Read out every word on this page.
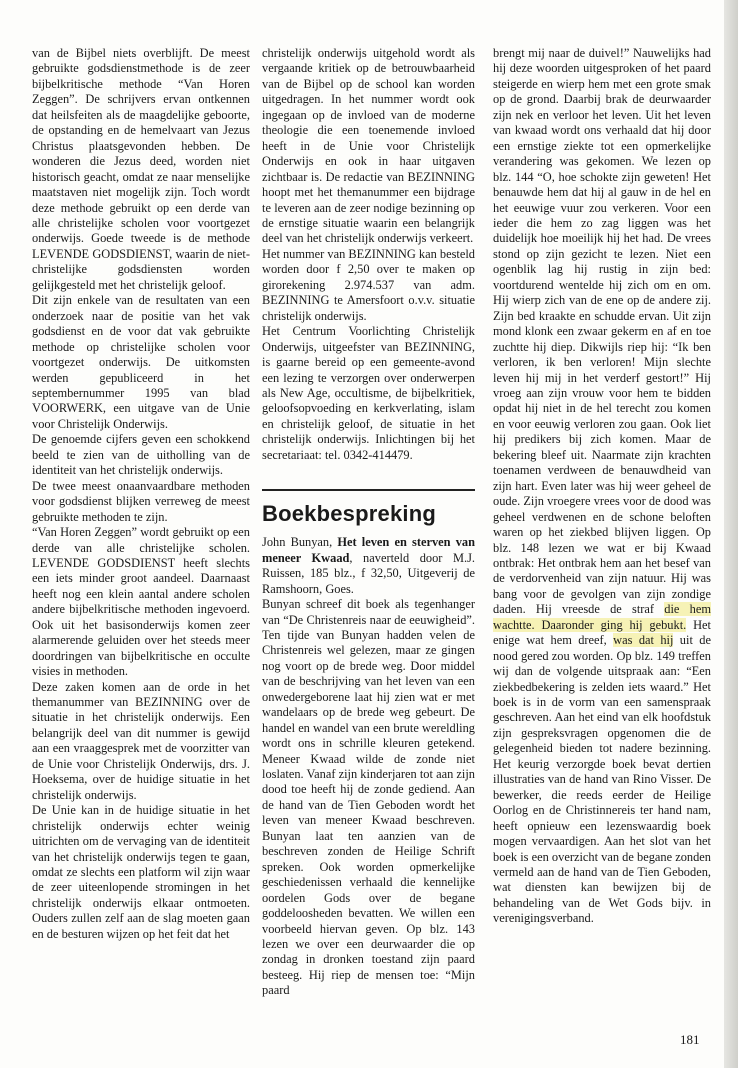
van de Bijbel niets overblijft. De meest gebruikte godsdienstmethode is de zeer bijbelkritische methode “Van Horen Zeggen”. De schrijvers ervan ontkennen dat heilsfeiten als de maagdelijke geboorte, de opstanding en de hemelvaart van Jezus Christus plaatsgevonden hebben. De wonderen die Jezus deed, worden niet historisch geacht, omdat ze naar menselijke maatstaven niet mogelijk zijn. Toch wordt deze methode gebruikt op een derde van alle christelijke scholen voor voortgezet onderwijs. Goede tweede is de methode LEVENDE GODSDIENST, waarin de niet-christelijke godsdiensten worden gelijkgesteld met het christelijk geloof.

Dit zijn enkele van de resultaten van een onderzoek naar de positie van het vak godsdienst en de voor dat vak gebruikte methode op christelijke scholen voor voortgezet onderwijs. De uitkomsten werden gepubliceerd in het septembernummer 1995 van blad VOORWERK, een uitgave van de Unie voor Christelijk Onderwijs.

De genoemde cijfers geven een schokkend beeld te zien van de uitholling van de identiteit van het christelijk onderwijs.

De twee meest onaanvaardbare methoden voor godsdienst blijken verreweg de meest gebruikte methoden te zijn.

“Van Horen Zeggen” wordt gebruikt op een derde van alle christelijke scholen. LEVENDE GODSDIENST heeft slechts een iets minder groot aandeel. Daarnaast heeft nog een klein aantal andere scholen andere bijbelkritische methoden ingevoerd. Ook uit het basisonderwijs komen zeer alarmerende geluiden over het steeds meer doordringen van bijbelkritische en occulte visies in methoden.

Deze zaken komen aan de orde in het themanummer van BEZINNING over de situatie in het christelijk onderwijs. Een belangrijk deel van dit nummer is gewijd aan een vraaggesprek met de voorzitter van de Unie voor Christelijk Onderwijs, drs. J. Hoeksema, over de huidige situatie in het christelijk onderwijs.

De Unie kan in de huidige situatie in het christelijk onderwijs echter weinig uitrichten om de vervaging van de identiteit van het christelijk onderwijs tegen te gaan, omdat ze slechts een platform wil zijn waar de zeer uiteenlopende stromingen in het christelijk onderwijs elkaar ontmoeten. Ouders zullen zelf aan de slag moeten gaan en de besturen wijzen op het feit dat het

christelijk onderwijs uitgehold wordt als vergaande kritiek op de betrouwbaarheid van de Bijbel op de school kan worden uitgedragen. In het nummer wordt ook ingegaan op de invloed van de moderne theologie die een toenemende invloed heeft in de Unie voor Christelijk Onderwijs en ook in haar uitgaven zichtbaar is. De redactie van BEZINNING hoopt met het themanummer een bijdrage te leveren aan de zeer nodige bezinning op de ernstige situatie waarin een belangrijk deel van het christelijk onderwijs verkeert.

Het nummer van BEZINNING kan besteld worden door f 2,50 over te maken op girorekening 2.974.537 van adm. BEZINNING te Amersfoort o.v.v. situatie christelijk onderwijs.

Het Centrum Voorlichting Christelijk Onderwijs, uitgeefster van BEZINNING, is gaarne bereid op een gemeente-avond een lezing te verzorgen over onderwerpen als New Age, occultisme, de bijbelkritiek, geloofsopvoeding en kerkverlating, islam en christelijk geloof, de situatie in het christelijk onderwijs. Inlichtingen bij het secretariaat: tel. 0342-414479.

Boekbespreking

John Bunyan, Het leven en sterven van meneer Kwaad, naverteld door M.J. Ruissen, 185 blz., f 32,50, Uitgeverij de Ramshoorn, Goes.

Bunyan schreef dit boek als tegenhanger van “De Christenreis naar de eeuwigheid”. Ten tijde van Bunyan hadden velen de Christenreis wel gelezen, maar ze gingen nog voort op de brede weg. Door middel van de beschrijving van het leven van een onwedergeborene laat hij zien wat er met wandelaars op de brede weg gebeurt. De handel en wandel van een brute wereldling wordt ons in schrille kleuren getekend. Meneer Kwaad wilde de zonde niet loslaten. Vanaf zijn kinderjaren tot aan zijn dood toe heeft hij de zonde gediend. Aan de hand van de Tien Geboden wordt het leven van meneer Kwaad beschreven. Bunyan laat ten aanzien van de beschreven zonden de Heilige Schrift spreken. Ook worden opmerkelijke geschiedenissen verhaald die kennelijke oordelen Gods over de begane goddeloosheden bevatten. We willen een voorbeeld hiervan geven. Op blz. 143 lezen we over een deurwaarder die op zondag in dronken toestand zijn paard besteeg. Hij riep de mensen toe: “Mijn paard

brengt mij naar de duivel!” Nauwelijks had hij deze woorden uitgesproken of het paard steigerde en wierp hem met een grote smak op de grond. Daarbij brak de deurwaarder zijn nek en verloor het leven. Uit het leven van kwaad wordt ons verhaald dat hij door een ernstige ziekte tot een opmerkelijke verandering was gekomen. We lezen op blz. 144 “O, hoe schokte zijn geweten! Het benauwde hem dat hij al gauw in de hel en het eeuwige vuur zou verkeren. Voor een ieder die hem zo zag liggen was het duidelijk hoe moeilijk hij het had. De vrees stond op zijn gezicht te lezen. Niet een ogenblik lag hij rustig in zijn bed: voortdurend wentelde hij zich om en om. Hij wierp zich van de ene op de andere zij. Zijn bed kraakte en schudde ervan. Uit zijn mond klonk een zwaar gekerm en af en toe zuchtte hij diep. Dikwijls riep hij: “Ik ben verloren, ik ben verloren! Mijn slechte leven hij mij in het verderf gestort!” Hij vroeg aan zijn vrouw voor hem te bidden opdat hij niet in de hel terecht zou komen en voor eeuwig verloren zou gaan. Ook liet hij predikers bij zich komen. Maar de bekering bleef uit. Naarmate zijn krachten toenamen verdween de benauwdheid van zijn hart. Even later was hij weer geheel de oude. Zijn vroegere vrees voor de dood was geheel verdwenen en de schone beloften waren op het ziekbed blijven liggen. Op blz. 148 lezen we wat er bij Kwaad ontbrak: Het ontbrak hem aan het besef van de verdorvenheid van zijn natuur. Hij was bang voor de gevolgen van zijn zondige daden. Hij vreesde de straf die hem wachtte. Daaronder ging hij gebukt. Het enige wat hem dreef, was dat hij uit de nood gered zou worden. Op blz. 149 treffen wij dan de volgende uitspraak aan: “Een ziekbedbekering is zelden iets waard.” Het boek is in de vorm van een samenspraak geschreven. Aan het eind van elk hoofdstuk zijn gespreksvragen opgenomen die de gelegenheid bieden tot nadere bezinning. Het keurig verzorgde boek bevat dertien illustraties van de hand van Rino Visser. De bewerker, die reeds eerder de Heilige Oorlog en de Christinnereis ter hand nam, heeft opnieuw een lezenswaardig boek mogen vervaardigen. Aan het slot van het boek is een overzicht van de begane zonden vermeld aan de hand van de Tien Geboden, wat diensten kan bewijzen bij de behandeling van de Wet Gods bijv. in verenigingsverband.

181
